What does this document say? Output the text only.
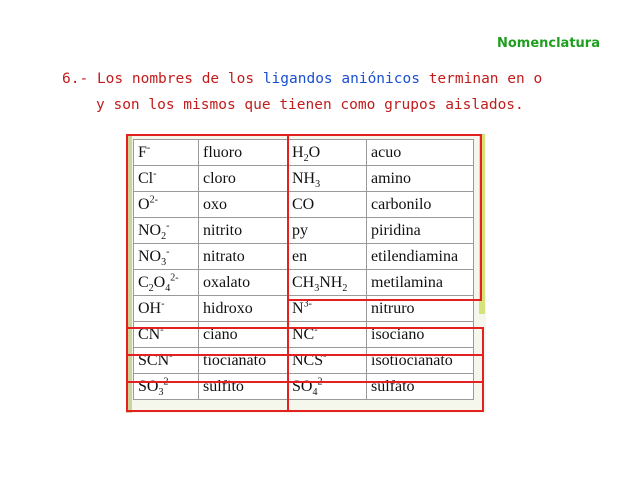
Nomenclatura
6.- Los nombres de los ligandos aniónicos terminan en o
y son los mismos que tienen como grupos aislados.
F-	fluoro	$H_2O$	acuo
Cl-	cloro	$NH_3$	amino
$O^{2-}$	oxo	CO	carbonilo
$NO_2^-$	nitrito	py	piridina
$NO_3^-$	nitrato	en	etilendiamina
$C_2O_4^{2-}$	oxalato	$CH_3NH_2$	metilamina
OH-	hidroxo	$N^{3-}$	nitruro
CN-	ciano	NC-	isociano
SCN-	tiocianato	NCS-	isotiocianato
$SO_3^{2-}$	sulfito	$SO_4^{2-}$	sulfato
